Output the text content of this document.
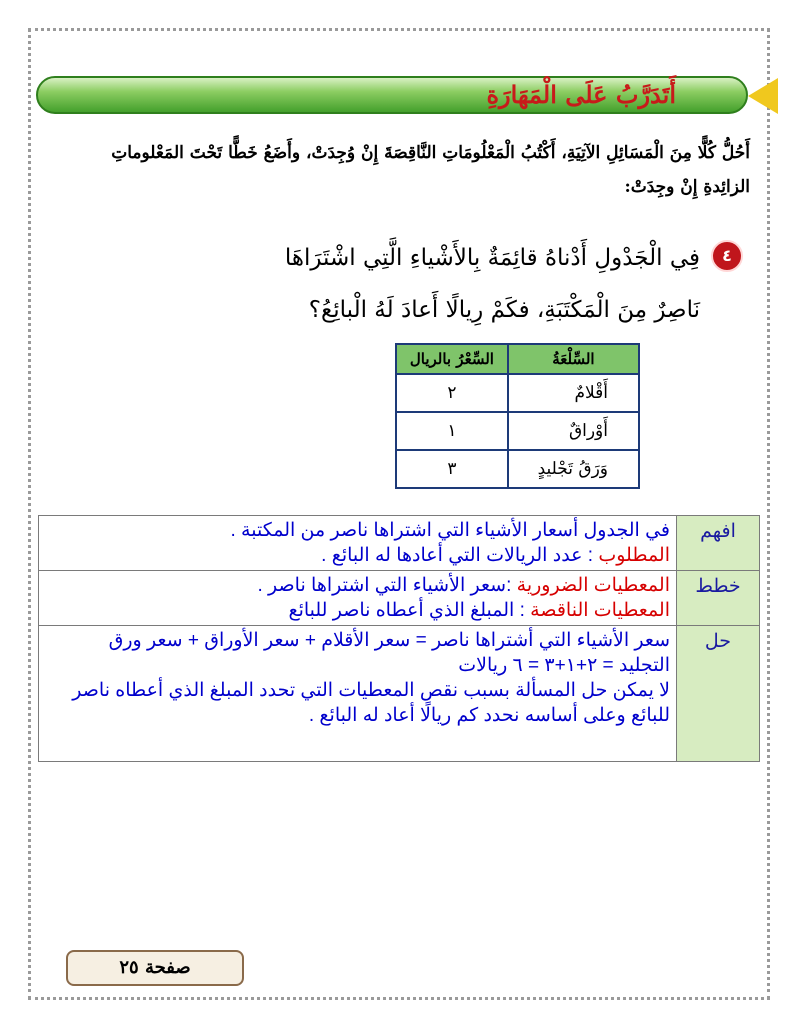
أَتَدَرَّبُ عَلَى الْمَهَارَةِ
أَحُلُّ كُلًّا مِنَ الْمَسَائِلِ الآتِيَةِ، أَكْتُبُ الْمَعْلُومَاتِ النَّاقِصَةَ إِنْ وُجِدَتْ، وأَضَعُ خَطًّا تَحْتَ المَعْلوماتِ الزائِدةِ إِنْ وجِدَتْ:
٤
فِي الْجَدْولِ أَدْناهُ قائِمَةٌ بِالأَشْياءِ الَّتِي اشْتَرَاهَا نَاصِرٌ مِنَ الْمَكْتَبَةِ، فكَمْ رِيالًا أَعادَ لَهُ الْبائِعُ؟
السِّلْعَةُ	السِّعْرُ بالريال
أَقْلامٌ	٢
أَوْراقٌ	١
وَرَقُ تَجْليدٍ	٣
افهم	في الجدول أسعار الأشياء التي اشتراها ناصر من المكتبة .
المطلوب : عدد الريالات التي أعادها له البائع .

خطط	المعطيات الضرورية :سعر الأشياء التي اشتراها ناصر .
المعطيات الناقصة : المبلغ الذي أعطاه ناصر للبائع

حل	سعر الأشياء التي أشتراها ناصر = سعر الأقلام + سعر الأوراق + سعر ورق
التجليد = ٢+١+٣ = ٦ ريالات
لا يمكن حل المسألة بسبب نقص المعطيات التي تحدد المبلغ الذي أعطاه ناصر
للبائع وعلى أساسه نحدد كم ريالًا أعاد له البائع .
صفحة ٢٥
